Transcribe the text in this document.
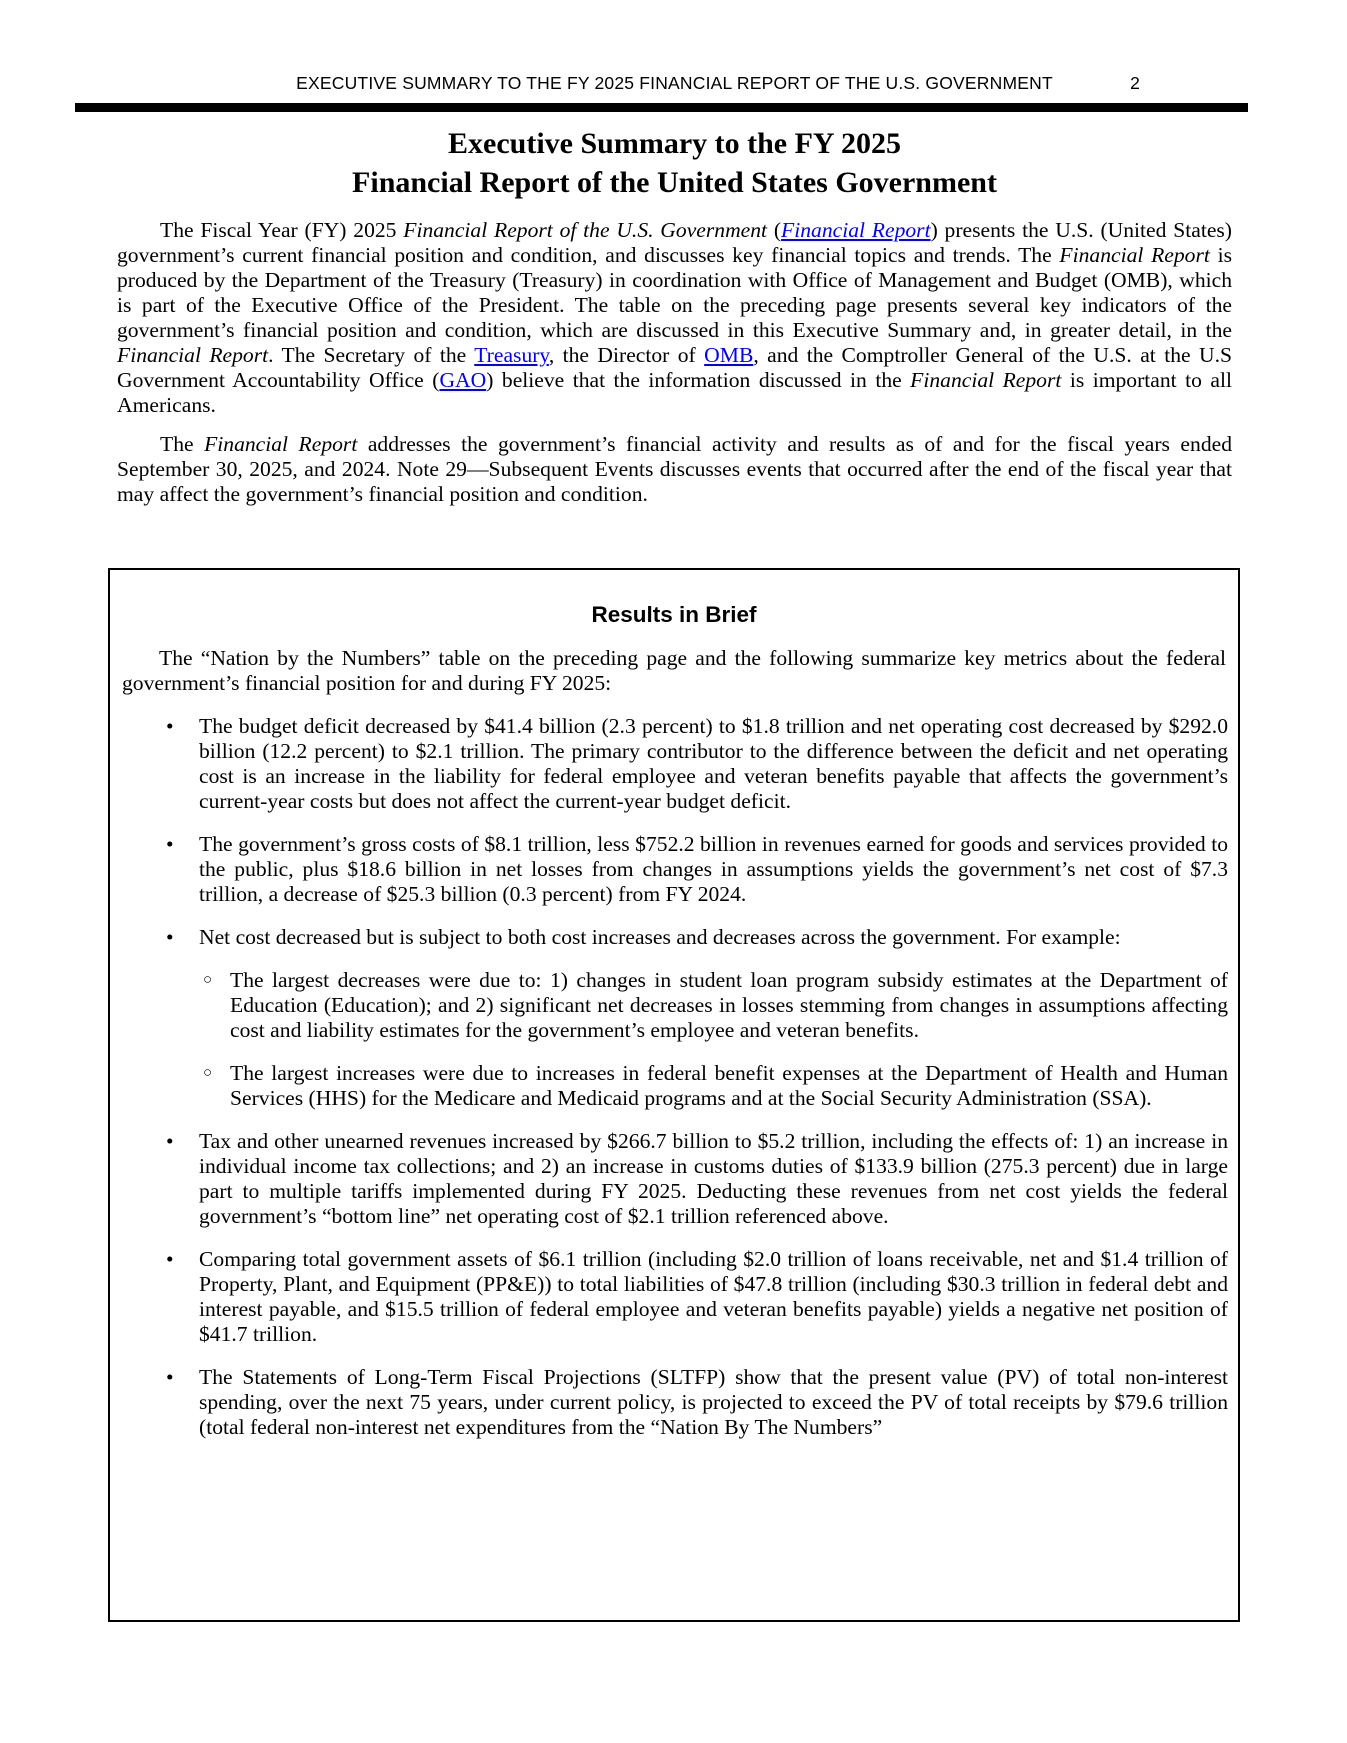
EXECUTIVE SUMMARY TO THE FY 2025 FINANCIAL REPORT OF THE U.S. GOVERNMENT	2
Executive Summary to the FY 2025
Financial Report of the United States Government

The Fiscal Year (FY) 2025 Financial Report of the U.S. Government (Financial Report) presents the U.S. (United States) government’s current financial position and condition, and discusses key financial topics and trends. The Financial Report is produced by the Department of the Treasury (Treasury) in coordination with Office of Management and Budget (OMB), which is part of the Executive Office of the President. The table on the preceding page presents several key indicators of the government’s financial position and condition, which are discussed in this Executive Summary and, in greater detail, in the Financial Report. The Secretary of the Treasury, the Director of OMB, and the Comptroller General of the U.S. at the U.S Government Accountability Office (GAO) believe that the information discussed in the Financial Report is important to all Americans.

The Financial Report addresses the government’s financial activity and results as of and for the fiscal years ended September 30, 2025, and 2024. Note 29—Subsequent Events discusses events that occurred after the end of the fiscal year that may affect the government’s financial position and condition.

Results in Brief

The “Nation by the Numbers” table on the preceding page and the following summarize key metrics about the federal government’s financial position for and during FY 2025:

•	The budget deficit decreased by $41.4 billion (2.3 percent) to $1.8 trillion and net operating cost decreased by $292.0 billion (12.2 percent) to $2.1 trillion. The primary contributor to the difference between the deficit and net operating cost is an increase in the liability for federal employee and veteran benefits payable that affects the government’s current-year costs but does not affect the current-year budget deficit.
•	The government’s gross costs of $8.1 trillion, less $752.2 billion in revenues earned for goods and services provided to the public, plus $18.6 billion in net losses from changes in assumptions yields the government’s net cost of $7.3 trillion, a decrease of $25.3 billion (0.3 percent) from FY 2024.
•	Net cost decreased but is subject to both cost increases and decreases across the government. For example:
○ The largest decreases were due to: 1) changes in student loan program subsidy estimates at the Department of Education (Education); and 2) significant net decreases in losses stemming from changes in assumptions affecting cost and liability estimates for the government’s employee and veteran benefits.
○ The largest increases were due to increases in federal benefit expenses at the Department of Health and Human Services (HHS) for the Medicare and Medicaid programs and at the Social Security Administration (SSA).
•	Tax and other unearned revenues increased by $266.7 billion to $5.2 trillion, including the effects of: 1) an increase in individual income tax collections; and 2) an increase in customs duties of $133.9 billion (275.3 percent) due in large part to multiple tariffs implemented during FY 2025. Deducting these revenues from net cost yields the federal government’s “bottom line” net operating cost of $2.1 trillion referenced above.
•	Comparing total government assets of $6.1 trillion (including $2.0 trillion of loans receivable, net and $1.4 trillion of Property, Plant, and Equipment (PP&E)) to total liabilities of $47.8 trillion (including $30.3 trillion in federal debt and interest payable, and $15.5 trillion of federal employee and veteran benefits payable) yields a negative net position of $41.7 trillion.
•	The Statements of Long-Term Fiscal Projections (SLTFP) show that the present value (PV) of total non-interest spending, over the next 75 years, under current policy, is projected to exceed the PV of total receipts by $79.6 trillion (total federal non-interest net expenditures from the “Nation By The Numbers”
